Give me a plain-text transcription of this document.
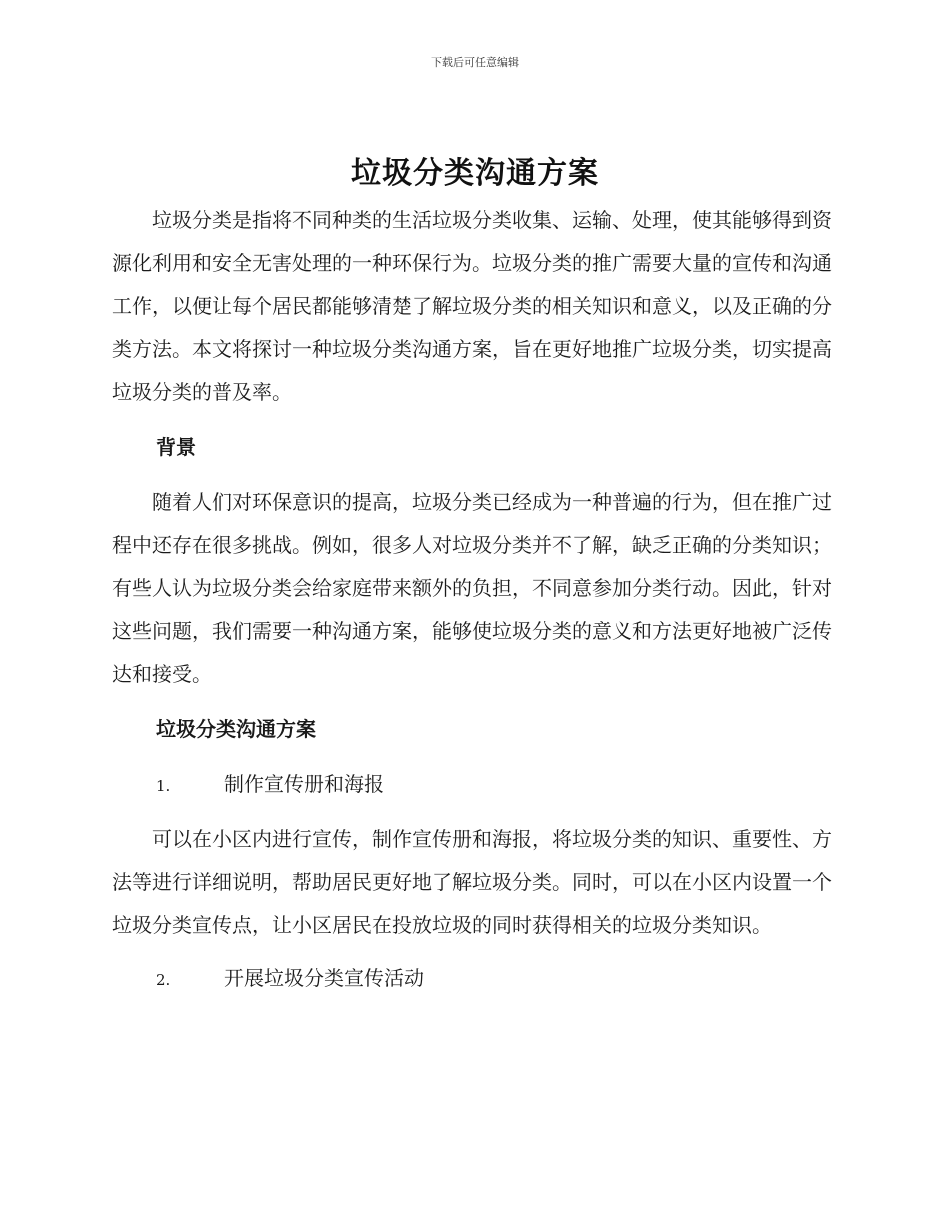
下载后可任意编辑
垃圾分类沟通方案

垃圾分类是指将不同种类的生活垃圾分类收集、运输、处理，使其能够得到资源化利用和安全无害处理的一种环保行为。垃圾分类的推广需要大量的宣传和沟通工作，以便让每个居民都能够清楚了解垃圾分类的相关知识和意义，以及正确的分类方法。本文将探讨一种垃圾分类沟通方案，旨在更好地推广垃圾分类，切实提高垃圾分类的普及率。

背景

随着人们对环保意识的提高，垃圾分类已经成为一种普遍的行为，但在推广过程中还存在很多挑战。例如，很多人对垃圾分类并不了解，缺乏正确的分类知识；有些人认为垃圾分类会给家庭带来额外的负担，不同意参加分类行动。因此，针对这些问题，我们需要一种沟通方案，能够使垃圾分类的意义和方法更好地被广泛传达和接受。

垃圾分类沟通方案
1.	制作宣传册和海报

可以在小区内进行宣传，制作宣传册和海报，将垃圾分类的知识、重要性、方法等进行详细说明，帮助居民更好地了解垃圾分类。同时，可以在小区内设置一个垃圾分类宣传点，让小区居民在投放垃圾的同时获得相关的垃圾分类知识。

2.	开展垃圾分类宣传活动
